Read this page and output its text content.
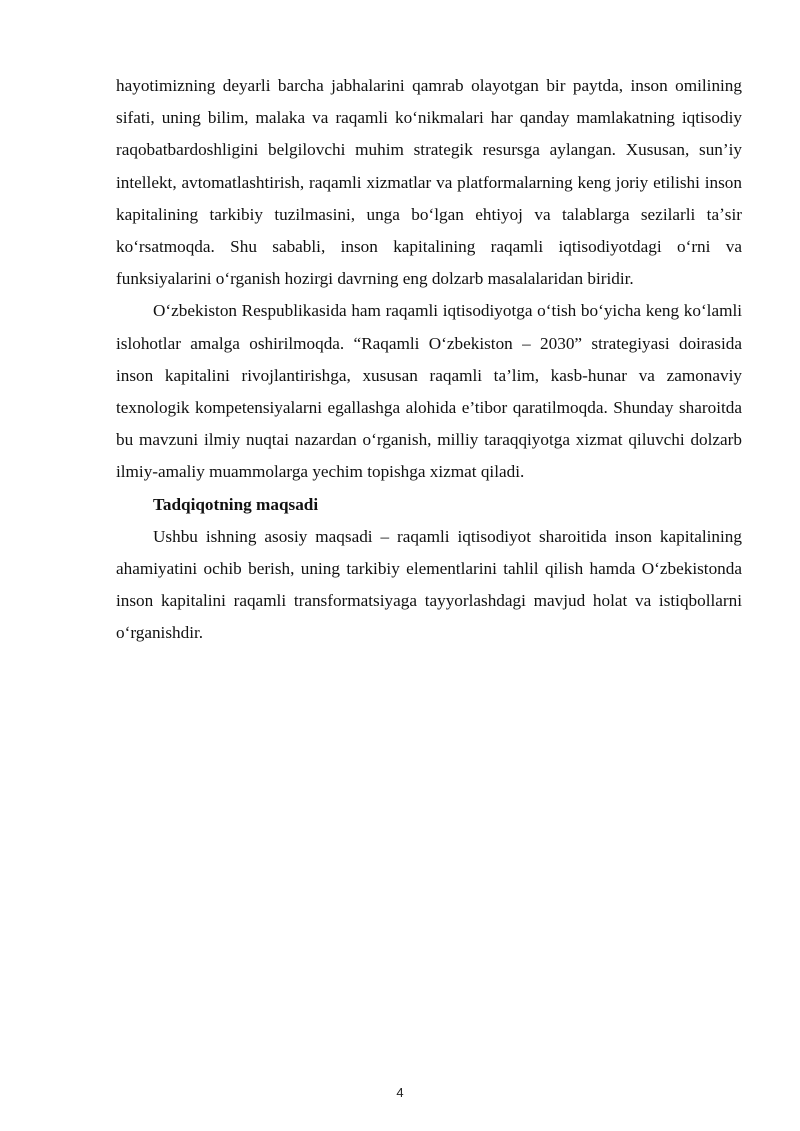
hayotimizning deyarli barcha jabhalarini qamrab olayotgan bir paytda, inson omilining sifati, uning bilim, malaka va raqamli koʻnikmalari har qanday mamlakatning iqtisodiy raqobatbardoshligini belgilovchi muhim strategik resursga aylangan. Xususan, sun’iy intellekt, avtomatlashtirish, raqamli xizmatlar va platformalarning keng joriy etilishi inson kapitalining tarkibiy tuzilmasini, unga boʻlgan ehtiyoj va talablarga sezilarli taʼsir koʻrsatmoqda. Shu sababli, inson kapitalining raqamli iqtisodiyotdagi oʻrni va funksiyalarini oʻrganish hozirgi davrning eng dolzarb masalalaridan biridir.

Oʻzbekiston Respublikasida ham raqamli iqtisodiyotga oʻtish boʻyicha keng koʻlamli islohotlar amalga oshirilmoqda. “Raqamli Oʻzbekiston – 2030” strategiyasi doirasida inson kapitalini rivojlantirishga, xususan raqamli ta’lim, kasb-hunar va zamonaviy texnologik kompetensiyalarni egallashga alohida e’tibor qaratilmoqda. Shunday sharoitda bu mavzuni ilmiy nuqtai nazardan oʻrganish, milliy taraqqiyotga xizmat qiluvchi dolzarb ilmiy-amaliy muammolarga yechim topishga xizmat qiladi.

Tadqiqotning maqsadi

Ushbu ishning asosiy maqsadi – raqamli iqtisodiyot sharoitida inson kapitalining ahamiyatini ochib berish, uning tarkibiy elementlarini tahlil qilish hamda Oʻzbekistonda inson kapitalini raqamli transformatsiyaga tayyorlashdagi mavjud holat va istiqbollarni oʻrganishdir.

4
